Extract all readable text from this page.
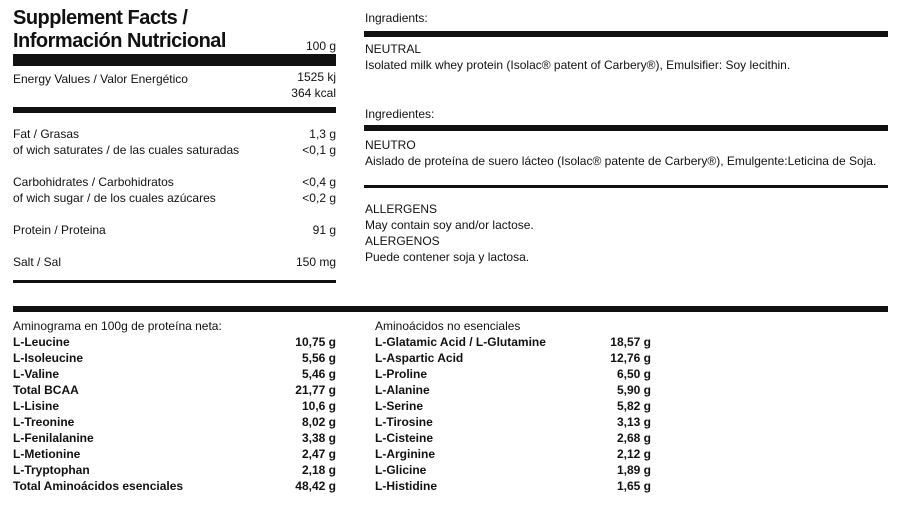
Supplement Facts /
Información Nutricional	100 g
Energy Values / Valor Energético	1525 kj
364 kcal
Fat / Grasas	1,3 g
of wich saturates / de las cuales saturadas	<0,1 g
Carbohidrates / Carbohidratos	<0,4 g
of wich sugar / de los cuales azúcares	<0,2 g
Protein / Proteina	91 g
Salt / Sal	150 mg
Ingradients:
NEUTRAL
Isolated milk whey protein (Isolac® patent of Carbery®), Emulsifier: Soy lecithin.
Ingredientes:
NEUTRO
Aislado de proteína de suero lácteo (Isolac® patente de Carbery®), Emulgente:Leticina de Soja.
ALLERGENS
May contain soy and/or lactose.
ALERGENOS
Puede contener soja y lactosa.
Aminograma en 100g de proteína neta:
L-Leucine	10,75 g
L-Isoleucine	5,56 g
L-Valine	5,46 g
Total BCAA	21,77 g
L-Lisine	10,6 g
L-Treonine	8,02 g
L-Fenilalanine	3,38 g
L-Metionine	2,47 g
L-Tryptophan	2,18 g
Total Aminoácidos esenciales	48,42 g
Aminoácidos no esenciales
L-Glatamic Acid / L-Glutamine	18,57 g
L-Aspartic Acid	12,76 g
L-Proline	6,50 g
L-Alanine	5,90 g
L-Serine	5,82 g
L-Tirosine	3,13 g
L-Cisteine	2,68 g
L-Arginine	2,12 g
L-Glicine	1,89 g
L-Histidine	1,65 g
